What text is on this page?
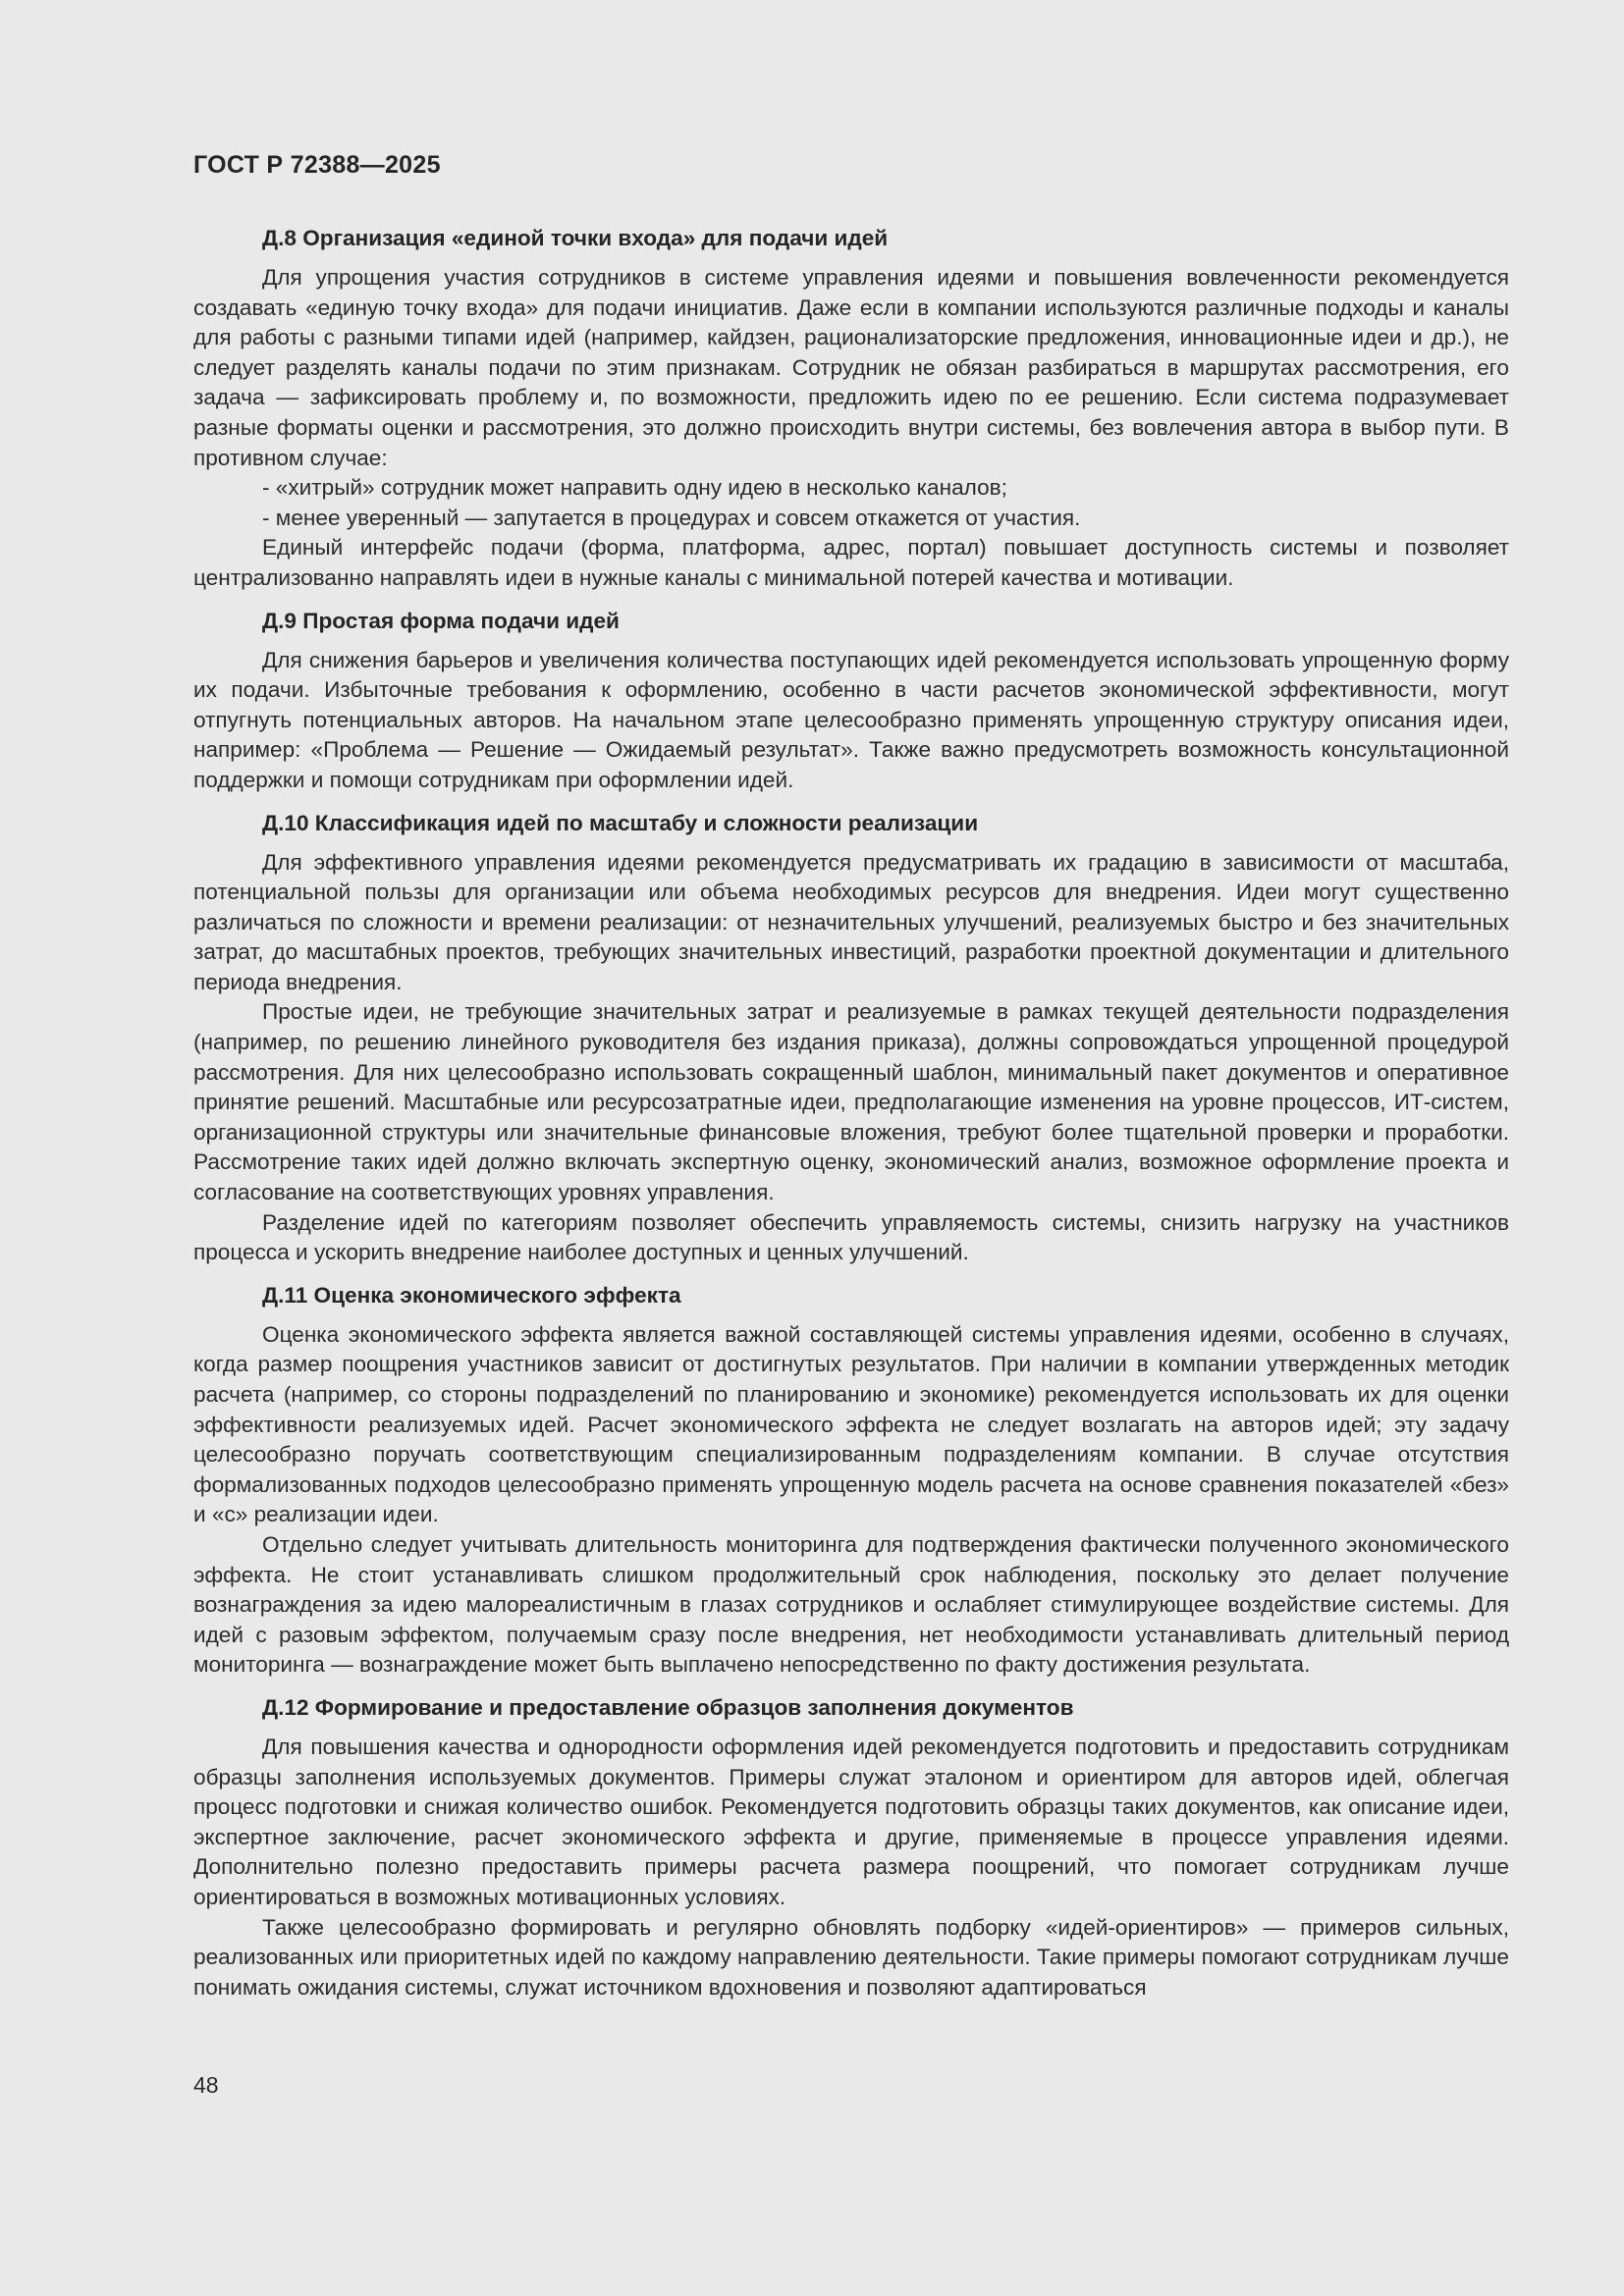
ГОСТ Р 72388—2025
Д.8 Организация «единой точки входа» для подачи идей

Для упрощения участия сотрудников в системе управления идеями и повышения вовлеченности рекомендуется создавать «единую точку входа» для подачи инициатив. Даже если в компании используются различные подходы и каналы для работы с разными типами идей (например, кайдзен, рационализаторские предложения, инновационные идеи и др.), не следует разделять каналы подачи по этим признакам. Сотрудник не обязан разбираться в маршрутах рассмотрения, его задача — зафиксировать проблему и, по возможности, предложить идею по ее решению. Если система подразумевает разные форматы оценки и рассмотрения, это должно происходить внутри системы, без вовлечения автора в выбор пути. В противном случае:

- «хитрый» сотрудник может направить одну идею в несколько каналов;
- менее уверенный — запутается в процедурах и совсем откажется от участия.

Единый интерфейс подачи (форма, платформа, адрес, портал) повышает доступность системы и позволяет централизованно направлять идеи в нужные каналы с минимальной потерей качества и мотивации.

Д.9 Простая форма подачи идей

Для снижения барьеров и увеличения количества поступающих идей рекомендуется использовать упрощенную форму их подачи. Избыточные требования к оформлению, особенно в части расчетов экономической эффективности, могут отпугнуть потенциальных авторов. На начальном этапе целесообразно применять упрощенную структуру описания идеи, например: «Проблема — Решение — Ожидаемый результат». Также важно предусмотреть возможность консультационной поддержки и помощи сотрудникам при оформлении идей.

Д.10 Классификация идей по масштабу и сложности реализации

Для эффективного управления идеями рекомендуется предусматривать их градацию в зависимости от масштаба, потенциальной пользы для организации или объема необходимых ресурсов для внедрения. Идеи могут существенно различаться по сложности и времени реализации: от незначительных улучшений, реализуемых быстро и без значительных затрат, до масштабных проектов, требующих значительных инвестиций, разработки проектной документации и длительного периода внедрения.

Простые идеи, не требующие значительных затрат и реализуемые в рамках текущей деятельности подразделения (например, по решению линейного руководителя без издания приказа), должны сопровождаться упрощенной процедурой рассмотрения. Для них целесообразно использовать сокращенный шаблон, минимальный пакет документов и оперативное принятие решений. Масштабные или ресурсозатратные идеи, предполагающие изменения на уровне процессов, ИТ-систем, организационной структуры или значительные финансовые вложения, требуют более тщательной проверки и проработки. Рассмотрение таких идей должно включать экспертную оценку, экономический анализ, возможное оформление проекта и согласование на соответствующих уровнях управления.

Разделение идей по категориям позволяет обеспечить управляемость системы, снизить нагрузку на участников процесса и ускорить внедрение наиболее доступных и ценных улучшений.

Д.11 Оценка экономического эффекта

Оценка экономического эффекта является важной составляющей системы управления идеями, особенно в случаях, когда размер поощрения участников зависит от достигнутых результатов. При наличии в компании утвержденных методик расчета (например, со стороны подразделений по планированию и экономике) рекомендуется использовать их для оценки эффективности реализуемых идей. Расчет экономического эффекта не следует возлагать на авторов идей; эту задачу целесообразно поручать соответствующим специализированным подразделениям компании. В случае отсутствия формализованных подходов целесообразно применять упрощенную модель расчета на основе сравнения показателей «без» и «с» реализации идеи.

Отдельно следует учитывать длительность мониторинга для подтверждения фактически полученного экономического эффекта. Не стоит устанавливать слишком продолжительный срок наблюдения, поскольку это делает получение вознаграждения за идею малореалистичным в глазах сотрудников и ослабляет стимулирующее воздействие системы. Для идей с разовым эффектом, получаемым сразу после внедрения, нет необходимости устанавливать длительный период мониторинга — вознаграждение может быть выплачено непосредственно по факту достижения результата.

Д.12 Формирование и предоставление образцов заполнения документов

Для повышения качества и однородности оформления идей рекомендуется подготовить и предоставить сотрудникам образцы заполнения используемых документов. Примеры служат эталоном и ориентиром для авторов идей, облегчая процесс подготовки и снижая количество ошибок. Рекомендуется подготовить образцы таких документов, как описание идеи, экспертное заключение, расчет экономического эффекта и другие, применяемые в процессе управления идеями. Дополнительно полезно предоставить примеры расчета размера поощрений, что помогает сотрудникам лучше ориентироваться в возможных мотивационных условиях.

Также целесообразно формировать и регулярно обновлять подборку «идей-ориентиров» — примеров сильных, реализованных или приоритетных идей по каждому направлению деятельности. Такие примеры помогают сотрудникам лучше понимать ожидания системы, служат источником вдохновения и позволяют адаптироваться

48
